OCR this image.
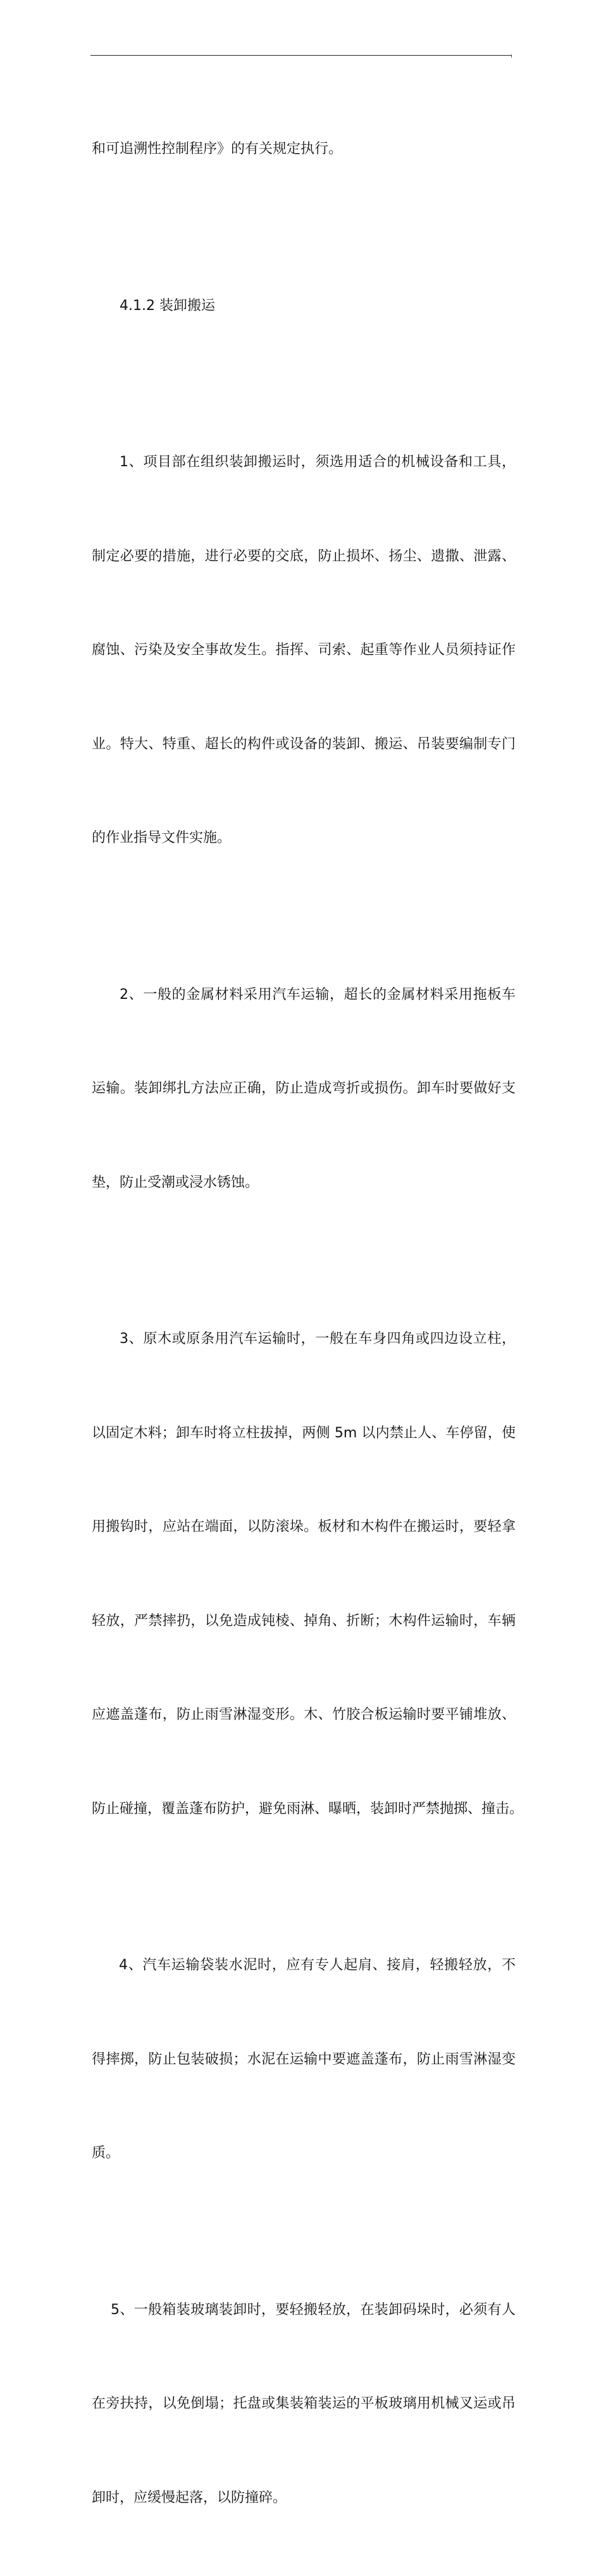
和可追溯性控制程序》的有关规定执行。

4.1.2 装卸搬运

1、项目部在组织装卸搬运时，须选用适合的机械设备和工具，

制定必要的措施，进行必要的交底，防止损坏、扬尘、遗撒、泄露、

腐蚀、污染及安全事故发生。指挥、司索、起重等作业人员须持证作

业。特大、特重、超长的构件或设备的装卸、搬运、吊装要编制专门

的作业指导文件实施。

2、一般的金属材料采用汽车运输，超长的金属材料采用拖板车

运输。装卸绑扎方法应正确，防止造成弯折或损伤。卸车时要做好支

垫，防止受潮或浸水锈蚀。

3、原木或原条用汽车运输时，一般在车身四角或四边设立柱，

以固定木料；卸车时将立柱拔掉，两侧 5m 以内禁止人、车停留，使

用搬钩时，应站在端面，以防滚垛。板材和木构件在搬运时，要轻拿

轻放，严禁摔扔，以免造成钝棱、掉角、折断；木构件运输时，车辆

应遮盖蓬布，防止雨雪淋湿变形。木、竹胶合板运输时要平铺堆放、

防止碰撞，覆盖蓬布防护，避免雨淋、曝晒，装卸时严禁抛掷、撞击。

4、汽车运输袋装水泥时，应有专人起肩、接肩，轻搬轻放，不

得摔掷，防止包装破损；水泥在运输中要遮盖蓬布，防止雨雪淋湿变

质。

5、一般箱装玻璃装卸时，要轻搬轻放，在装卸码垛时，必须有人

在旁扶持，以免倒塌；托盘或集装箱装运的平板玻璃用机械叉运或吊

卸时，应缓慢起落，以防撞碎。
